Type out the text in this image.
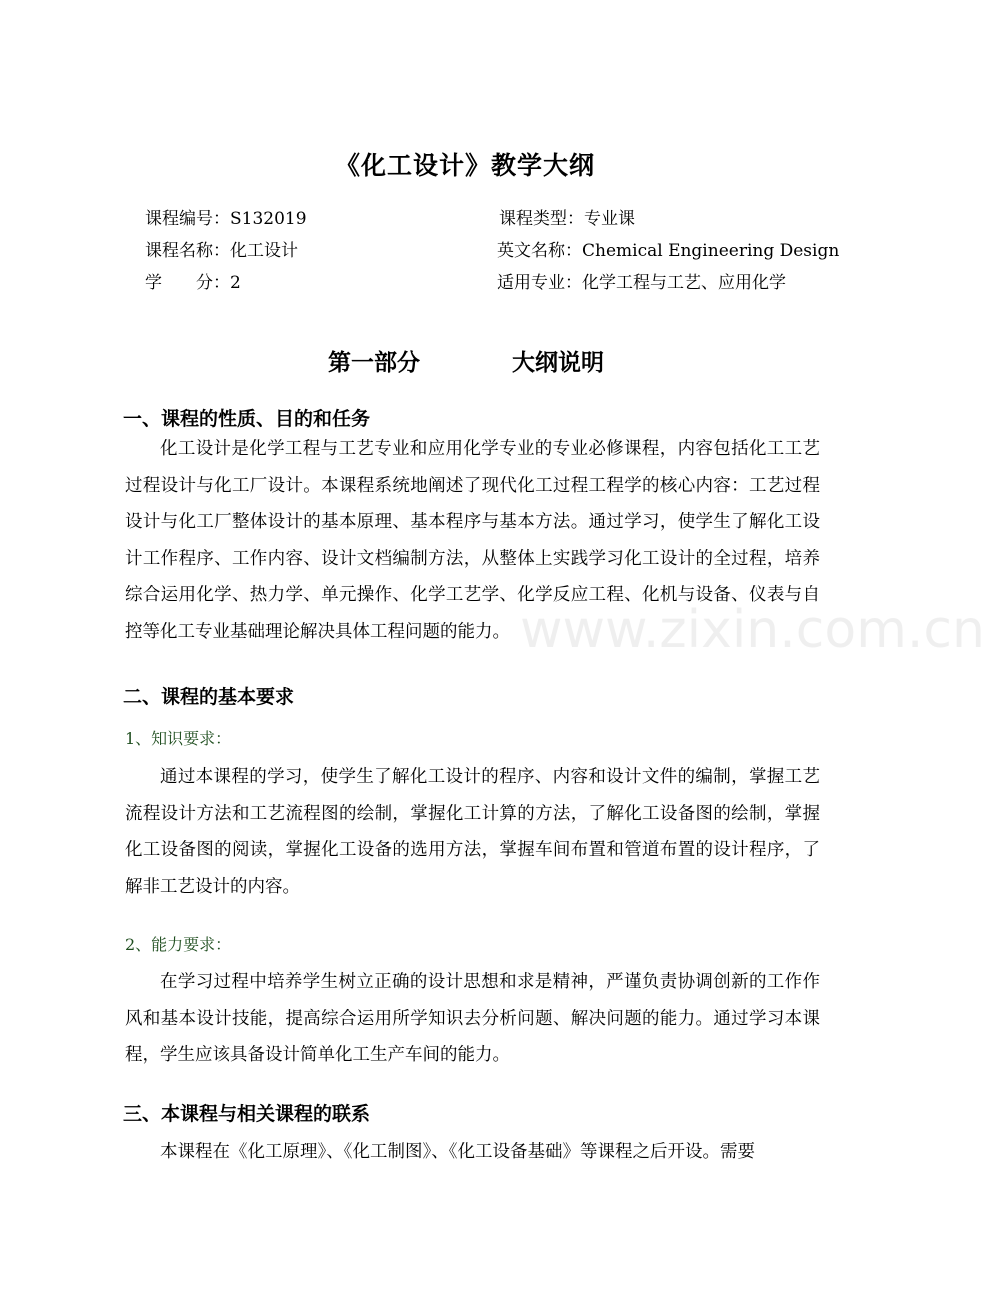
《化工设计》教学大纲
课程编号：S132019	课程类型：专业课
课程名称：化工设计	英文名称：Chemical Engineering Design
学　　分：2	适用专业：化学工程与工艺、应用化学
第一部分	大纲说明
一、课程的性质、目的和任务

化工设计是化学工程与工艺专业和应用化学专业的专业必修课程，内容包括化工工艺过程设计与化工厂设计。本课程系统地阐述了现代化工过程工程学的核心内容：工艺过程设计与化工厂整体设计的基本原理、基本程序与基本方法。通过学习，使学生了解化工设计工作程序、工作内容、设计文档编制方法，从整体上实践学习化工设计的全过程，培养综合运用化学、热力学、单元操作、化学工艺学、化学反应工程、化机与设备、仪表与自控等化工专业基础理论解决具体工程问题的能力。

二、课程的基本要求
1、知识要求：

通过本课程的学习，使学生了解化工设计的程序、内容和设计文件的编制，掌握工艺流程设计方法和工艺流程图的绘制，掌握化工计算的方法，了解化工设备图的绘制，掌握化工设备图的阅读，掌握化工设备的选用方法，掌握车间布置和管道布置的设计程序，了解非工艺设计的内容。

2、能力要求：

在学习过程中培养学生树立正确的设计思想和求是精神，严谨负责协调创新的工作作风和基本设计技能，提高综合运用所学知识去分析问题、解决问题的能力。通过学习本课程，学生应该具备设计简单化工生产车间的能力。

三、本课程与相关课程的联系

本课程在《化工原理》、《化工制图》、《化工设备基础》等课程之后开设。需要

www.zixin.com.cn
